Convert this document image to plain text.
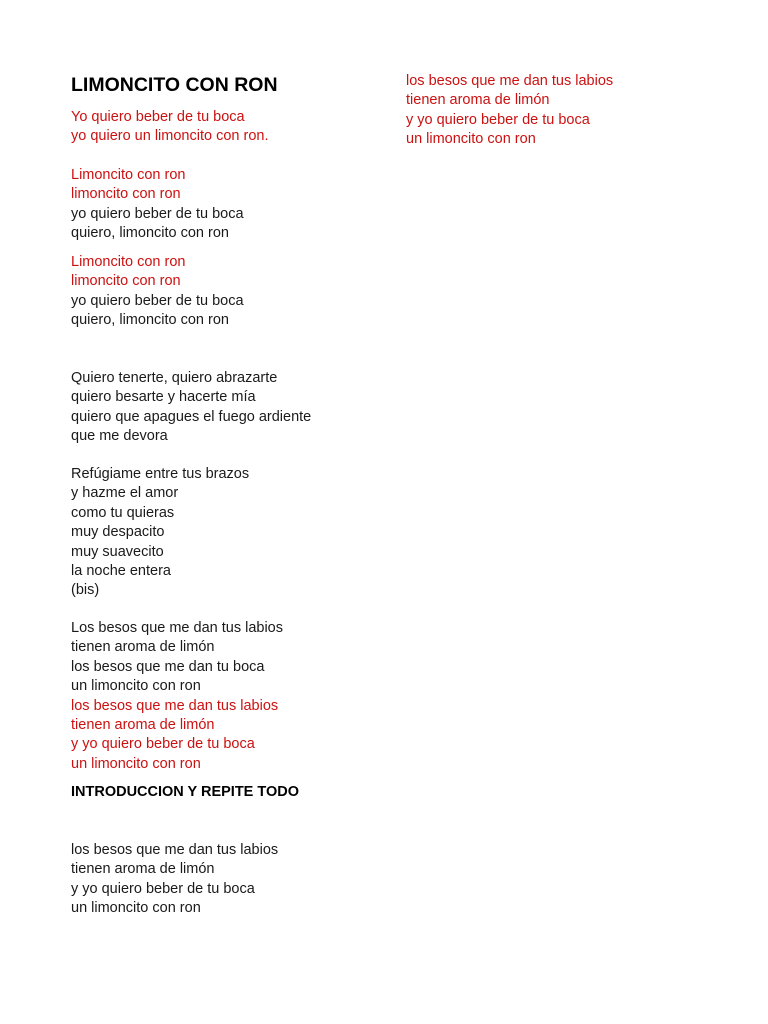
LIMONCITO CON RON
Yo quiero beber de tu boca
yo quiero un limoncito con ron.
Limoncito con ron
limoncito con ron
yo quiero beber de tu boca
quiero, limoncito con ron
Limoncito con ron
limoncito con ron
yo quiero beber de tu boca
quiero, limoncito con ron
Quiero tenerte, quiero abrazarte
quiero besarte y hacerte mía
quiero que apagues el fuego ardiente
que me devora
Refúgiame entre tus brazos
y hazme el amor
como tu quieras
muy despacito
muy suavecito
la noche entera
(bis)
Los besos que me dan tus labios
tienen aroma de limón
los besos que me dan tu boca
un limoncito con ron
los besos que me dan tus labios
tienen aroma de limón
y yo quiero beber de tu boca
un limoncito con ron
INTRODUCCION Y REPITE TODO
los besos que me dan tus labios
tienen aroma de limón
y yo quiero beber de tu boca
un limoncito con ron
los besos que me dan tus labios
tienen aroma de limón
y yo quiero beber de tu boca
un limoncito con ron
